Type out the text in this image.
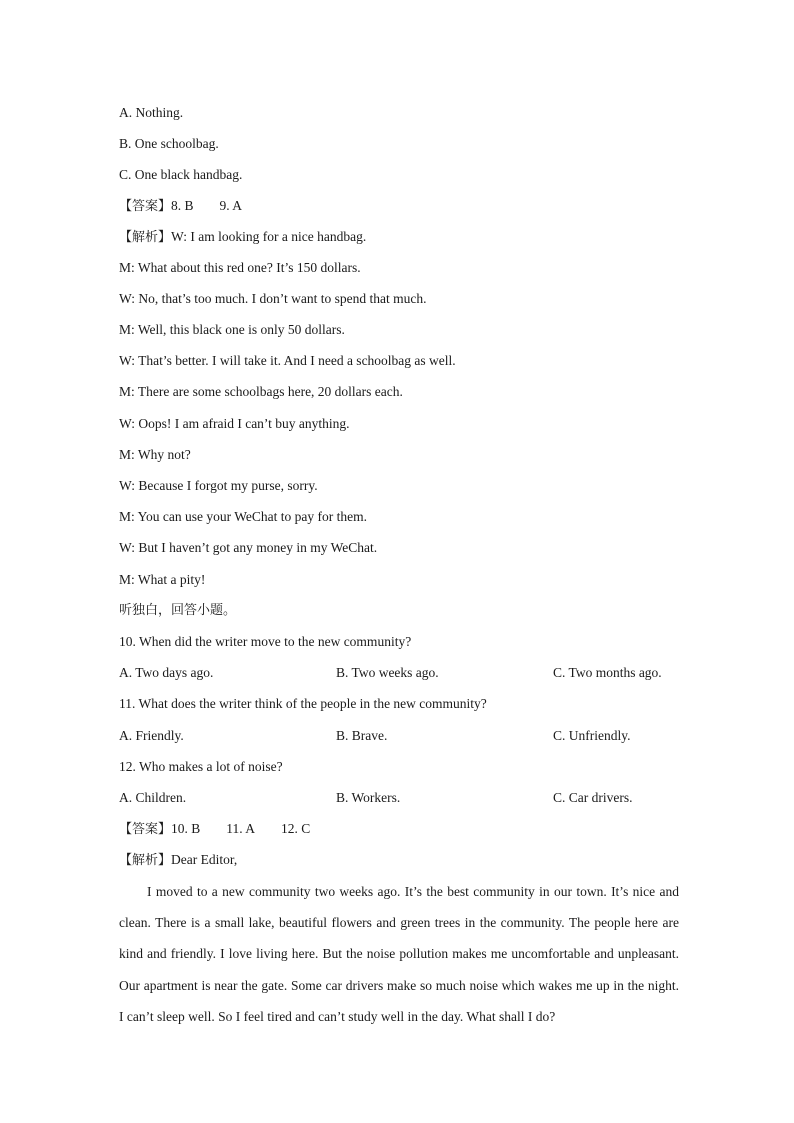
A. Nothing.
B. One schoolbag.
C. One black handbag.
【答案】8. B 9. A
【解析】W: I am looking for a nice handbag.
M: What about this red one? It’s 150 dollars.
W: No, that’s too much. I don’t want to spend that much.
M: Well, this black one is only 50 dollars.
W: That’s better. I will take it. And I need a schoolbag as well.
M: There are some schoolbags here, 20 dollars each.
W: Oops! I am afraid I can’t buy anything.
M: Why not?
W: Because I forgot my purse, sorry.
M: You can use your WeChat to pay for them.
W: But I haven’t got any money in my WeChat.
M: What a pity!
听独白，回答小题。
10. When did the writer move to the new community?
A. Two days ago.	B. Two weeks ago.	C. Two months ago.
11. What does the writer think of the people in the new community?
A. Friendly.	B. Brave.	C. Unfriendly.
12. Who makes a lot of noise?
A. Children.	B. Workers.	C. Car drivers.
【答案】10. B 11. A 12. C
【解析】Dear Editor,
I moved to a new community two weeks ago. It’s the best community in our town. It’s nice and clean. There is a small lake, beautiful flowers and green trees in the community. The people here are kind and friendly. I love living here. But the noise pollution makes me uncomfortable and unpleasant. Our apartment is near the gate. Some car drivers make so much noise which wakes me up in the night. I can’t sleep well. So I feel tired and can’t study well in the day. What shall I do?
